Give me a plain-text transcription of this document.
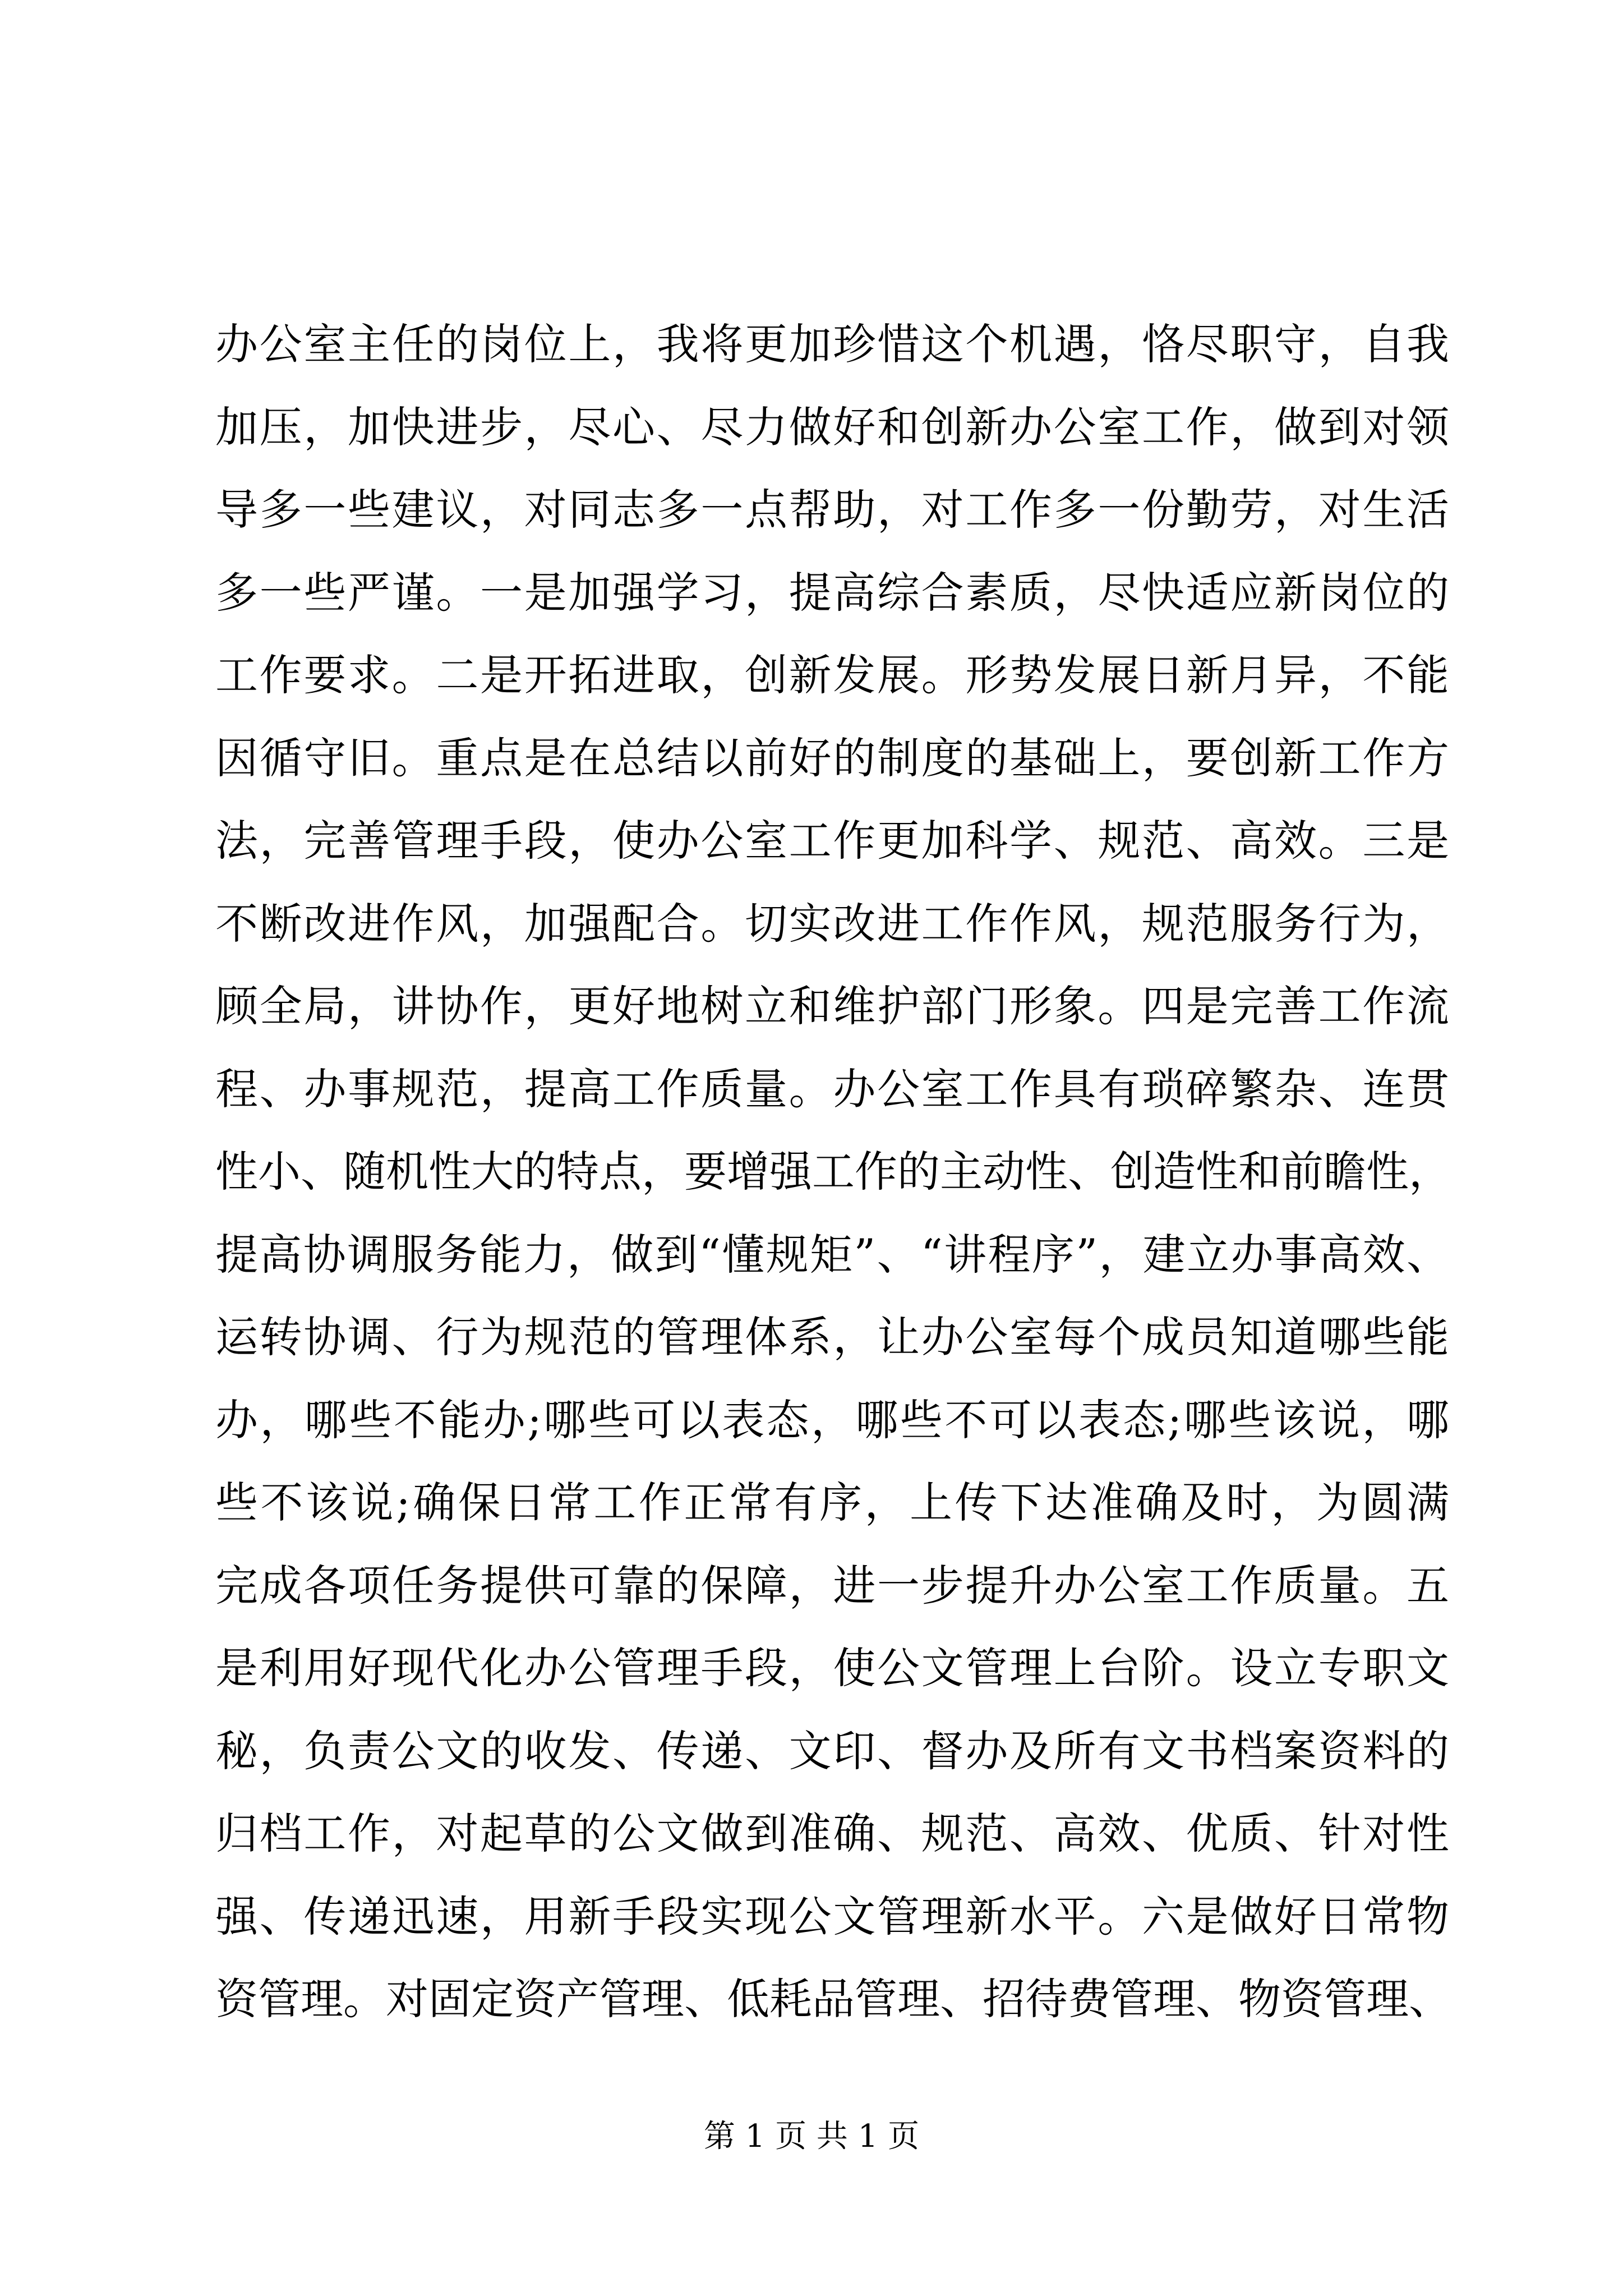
办公室主任的岗位上，我将更加珍惜这个机遇，恪尽职守，自我
加压，加快进步，尽心、尽力做好和创新办公室工作，做到对领
导多一些建议，对同志多一点帮助，对工作多一份勤劳，对生活
多一些严谨。一是加强学习，提高综合素质，尽快适应新岗位的
工作要求。二是开拓进取，创新发展。形势发展日新月异，不能
因循守旧。重点是在总结以前好的制度的基础上，要创新工作方
法，完善管理手段，使办公室工作更加科学、规范、高效。三是
不断改进作风，加强配合。切实改进工作作风，规范服务行为，
顾全局，讲协作，更好地树立和维护部门形象。四是完善工作流
程、办事规范，提高工作质量。办公室工作具有琐碎繁杂、连贯
性小、随机性大的特点，要增强工作的主动性、创造性和前瞻性，
提高协调服务能力，做到“懂规矩”、“讲程序”，建立办事高效、
运转协调、行为规范的管理体系，让办公室每个成员知道哪些能
办，哪些不能办;哪些可以表态，哪些不可以表态;哪些该说，哪
些不该说;确保日常工作正常有序，上传下达准确及时，为圆满
完成各项任务提供可靠的保障，进一步提升办公室工作质量。五
是利用好现代化办公管理手段，使公文管理上台阶。设立专职文
秘，负责公文的收发、传递、文印、督办及所有文书档案资料的
归档工作，对起草的公文做到准确、规范、高效、优质、针对性
强、传递迅速，用新手段实现公文管理新水平。六是做好日常物
资管理。对固定资产管理、低耗品管理、招待费管理、物资管理、
第 1 页 共 1 页
